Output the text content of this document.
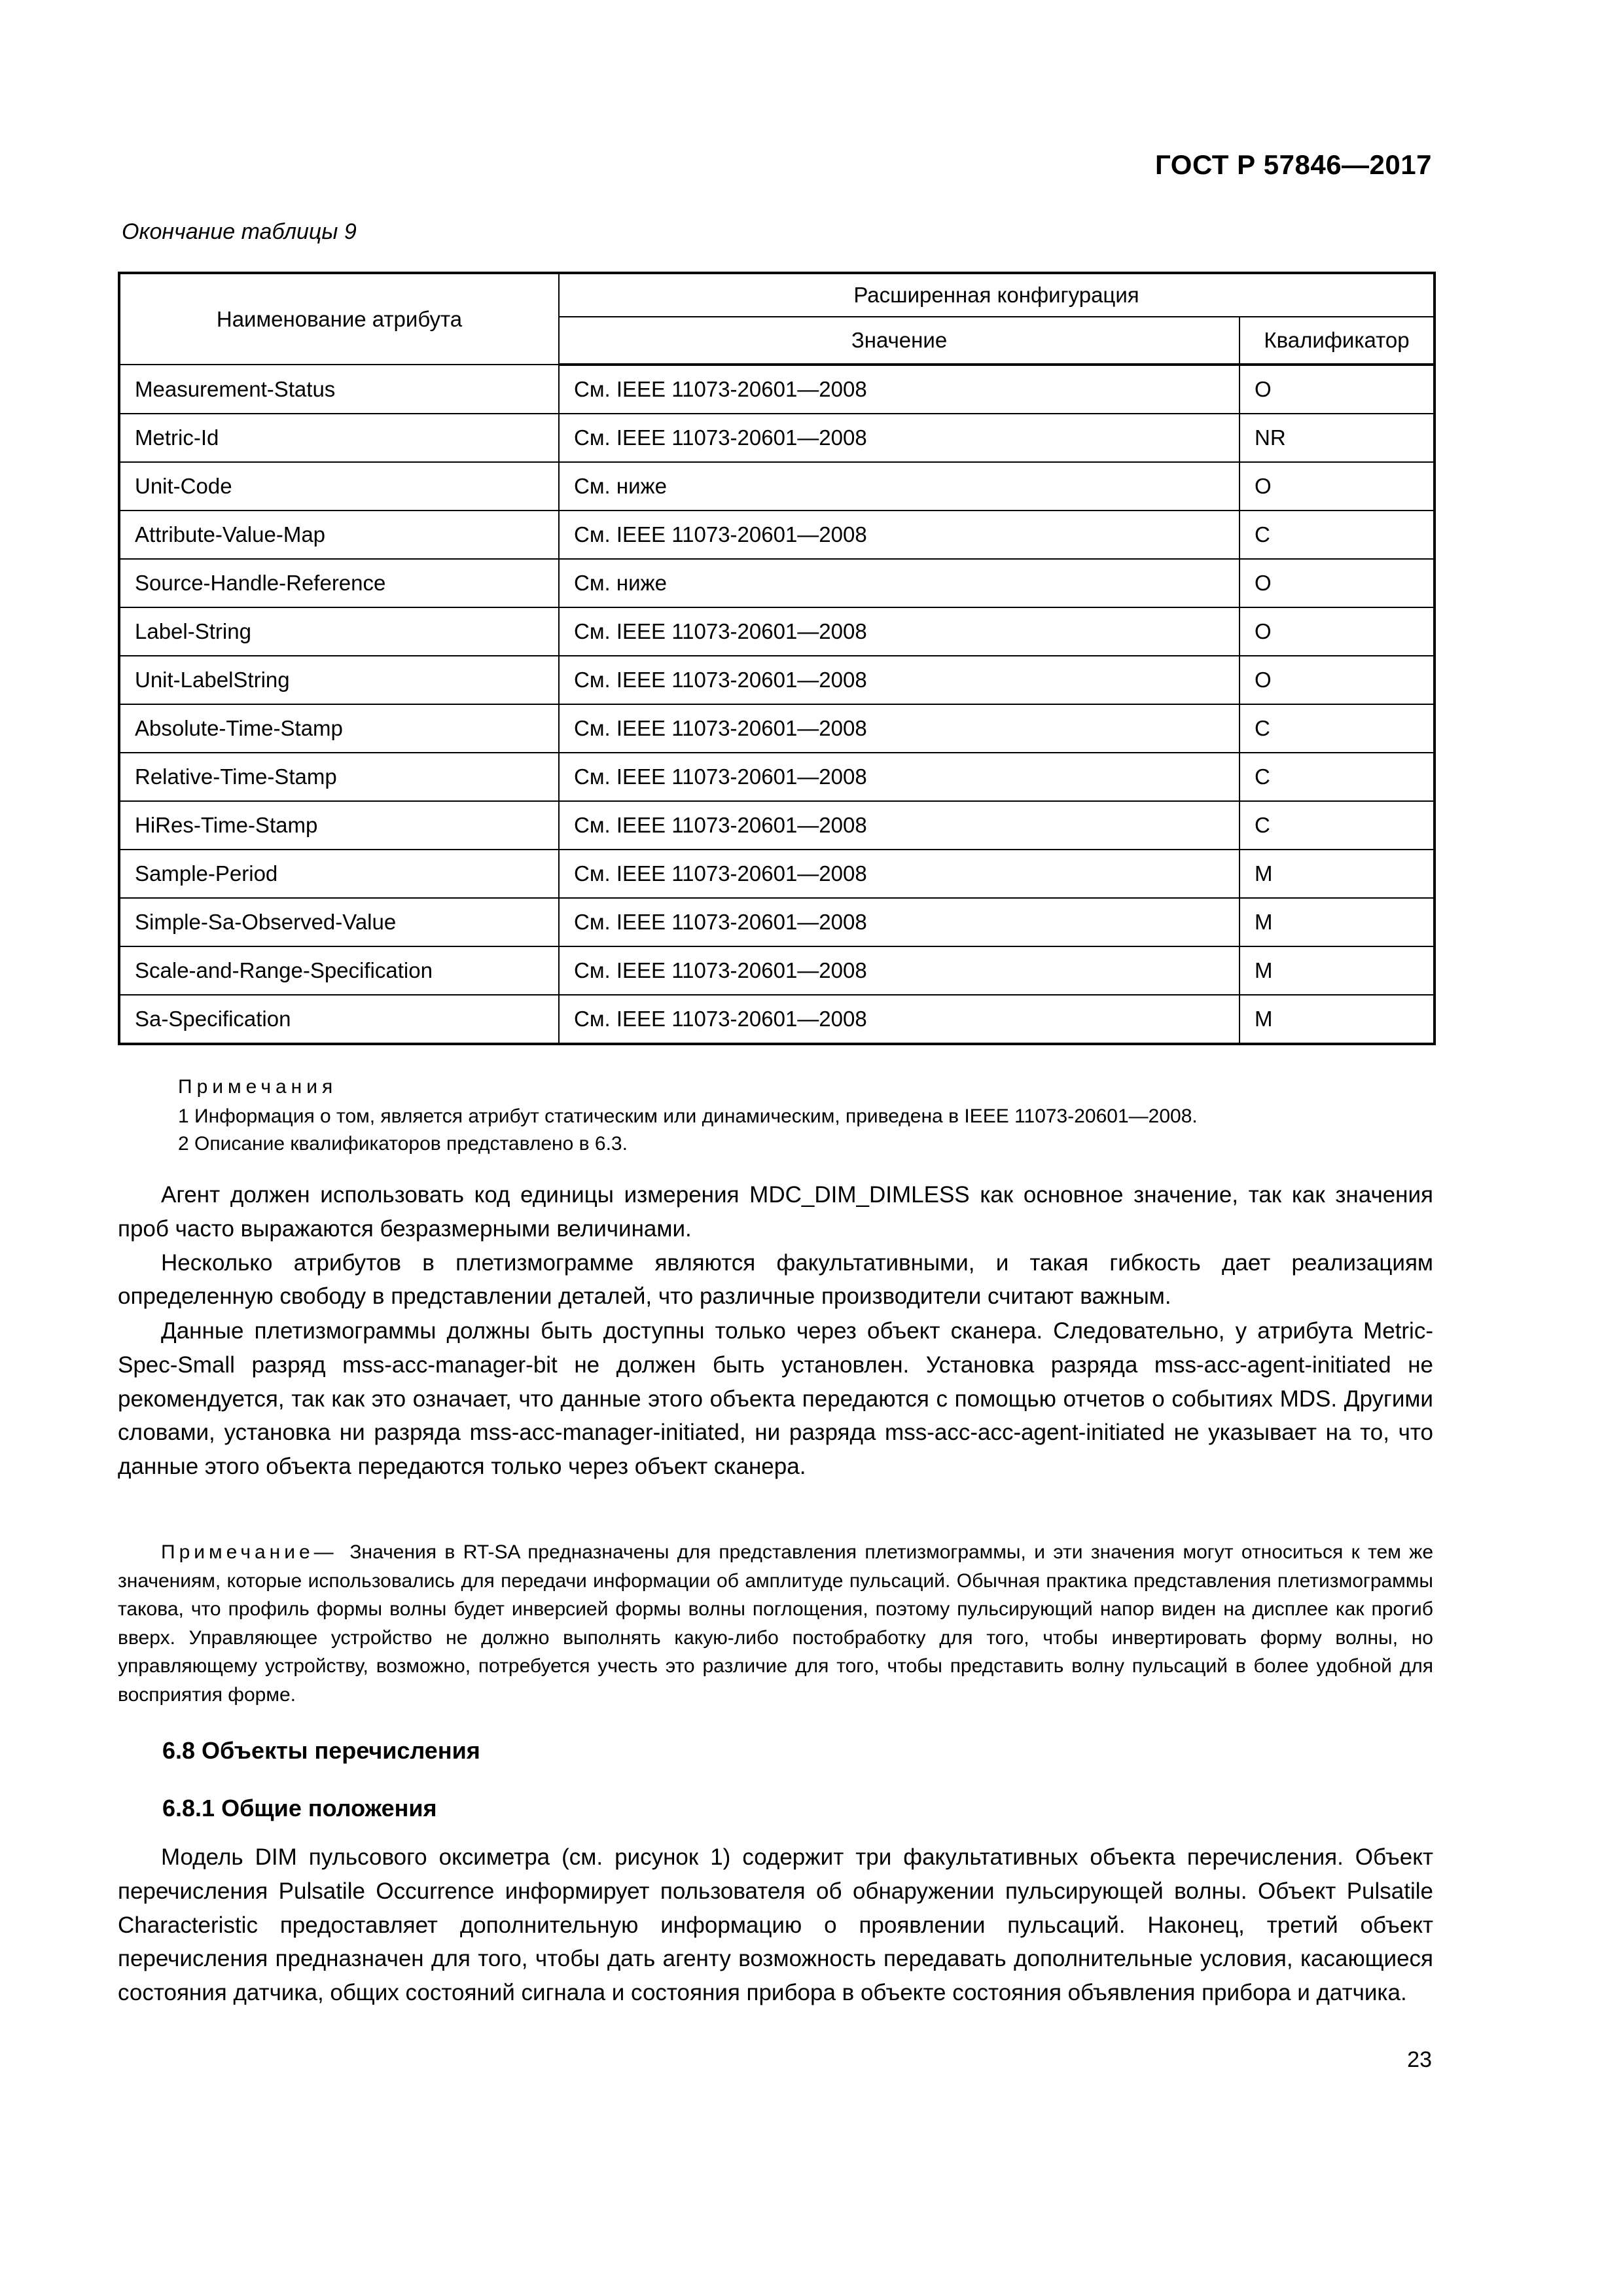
ГОСТ Р 57846—2017
Окончание таблицы 9
Наименование атрибута	Расширенная конфигурация	
	Значение	Квалификатор
Measurement-Status	См. IEEE 11073-20601—2008	O
Metric-Id	См. IEEE 11073-20601—2008	NR
Unit-Code	См. ниже	O
Attribute-Value-Map	См. IEEE 11073-20601—2008	C
Source-Handle-Reference	См. ниже	O
Label-String	См. IEEE 11073-20601—2008	O
Unit-LabelString	См. IEEE 11073-20601—2008	O
Absolute-Time-Stamp	См. IEEE 11073-20601—2008	C
Relative-Time-Stamp	См. IEEE 11073-20601—2008	C
HiRes-Time-Stamp	См. IEEE 11073-20601—2008	C
Sample-Period	См. IEEE 11073-20601—2008	M
Simple-Sa-Observed-Value	См. IEEE 11073-20601—2008	M
Scale-and-Range-Specification	См. IEEE 11073-20601—2008	M
Sa-Specification	См. IEEE 11073-20601—2008	M
Примечания
1 Информация о том, является атрибут статическим или динамическим, приведена в IEEE 11073-20601—2008.
2 Описание квалификаторов представлено в 6.3.

Агент должен использовать код единицы измерения MDC_DIM_DIMLESS как основное значение, так как значения проб часто выражаются безразмерными величинами.

Несколько атрибутов в плетизмограмме являются факультативными, и такая гибкость дает реализациям определенную свободу в представлении деталей, что различные производители считают важным.

Данные плетизмограммы должны быть доступны только через объект сканера. Следовательно, у атрибута Metric-Spec-Small разряд mss-acc-manager-bit не должен быть установлен. Установка разряда mss-acc-agent-initiated не рекомендуется, так как это означает, что данные этого объекта передаются с помощью отчетов о событиях MDS. Другими словами, установка ни разряда mss-acc-manager-initiated, ни разряда mss-acc-acc-agent-initiated не указывает на то, что данные этого объекта передаются только через объект сканера.

Примечание— Значения в RT-SA предназначены для представления плетизмограммы, и эти значения могут относиться к тем же значениям, которые использовались для передачи информации об амплитуде пульсаций. Обычная практика представления плетизмограммы такова, что профиль формы волны будет инверсией формы волны поглощения, поэтому пульсирующий напор виден на дисплее как прогиб вверх. Управляющее устройство не должно выполнять какую-либо постобработку для того, чтобы инвертировать форму волны, но управляющему устройству, возможно, потребуется учесть это различие для того, чтобы представить волну пульсаций в более удобной для восприятия форме.

6.8 Объекты перечисления
6.8.1 Общие положения

Модель DIM пульсового оксиметра (см. рисунок 1) содержит три факультативных объекта перечисления. Объект перечисления Pulsatile Occurrence информирует пользователя об обнаружении пульсирующей волны. Объект Pulsatile Characteristic предоставляет дополнительную информацию о проявлении пульсаций. Наконец, третий объект перечисления предназначен для того, чтобы дать агенту возможность передавать дополнительные условия, касающиеся состояния датчика, общих состояний сигнала и состояния прибора в объекте состояния объявления прибора и датчика.

23
